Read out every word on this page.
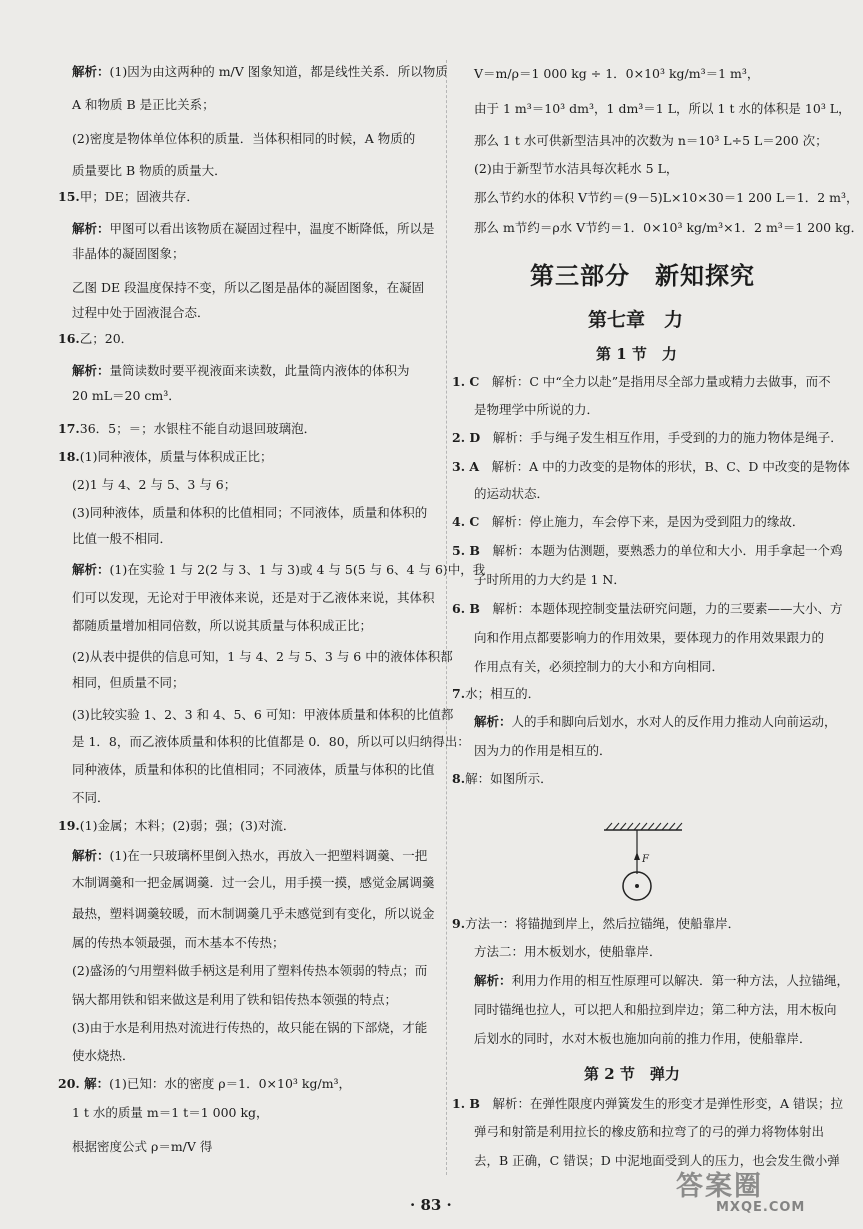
解析：(1)因为由这两种的 m/V 图象知道，都是线性关系．所以物质
A 和物质 B 是正比关系；
(2)密度是物体单位体积的质量．当体积相同的时候，A 物质的
质量要比 B 物质的质量大．
15.甲；DE；固液共存．
解析：甲图可以看出该物质在凝固过程中，温度不断降低，所以是
非晶体的凝固图象；
乙图 DE 段温度保持不变，所以乙图是晶体的凝固图象，在凝固
过程中处于固液混合态．
16.乙；20．
解析：量筒读数时要平视液面来读数，此量筒内液体的体积为
20 mL＝20 cm³．
17.36．5；＝；水银柱不能自动退回玻璃泡．
18.(1)同种液体，质量与体积成正比；
(2)1 与 4、2 与 5、3 与 6；
(3)同种液体，质量和体积的比值相同；不同液体，质量和体积的
比值一般不相同．
解析：(1)在实验 1 与 2(2 与 3、1 与 3)或 4 与 5(5 与 6、4 与 6)中，我
们可以发现，无论对于甲液体来说，还是对于乙液体来说，其体积
都随质量增加相同倍数，所以说其质量与体积成正比；
(2)从表中提供的信息可知，1 与 4、2 与 5、3 与 6 中的液体体积都
相同，但质量不同；
(3)比较实验 1、2、3 和 4、5、6 可知：甲液体质量和体积的比值都
是 1．8，而乙液体质量和体积的比值都是 0．80，所以可以归纳得出：
同种液体，质量和体积的比值相同；不同液体，质量与体积的比值
不同．
19.(1)金属；木料；(2)弱；强；(3)对流．
解析：(1)在一只玻璃杯里倒入热水，再放入一把塑料调羹、一把
木制调羹和一把金属调羹．过一会儿，用手摸一摸，感觉金属调羹
最热，塑料调羹较暖，而木制调羹几乎未感觉到有变化，所以说金
属的传热本领最强，而木基本不传热；
(2)盛汤的勺用塑料做手柄这是利用了塑料传热本领弱的特点；而
锅大都用铁和铝来做这是利用了铁和铝传热本领强的特点；
(3)由于水是利用热对流进行传热的，故只能在锅的下部烧，才能
使水烧热．
20. 解：(1)已知：水的密度 ρ＝1．0×10³ kg/m³，
1 t 水的质量 m＝1 t＝1 000 kg，
根据密度公式 ρ＝m/V 得
V＝m/ρ＝1 000 kg ÷ 1．0×10³ kg/m³＝1 m³，
由于 1 m³＝10³ dm³，1 dm³＝1 L，所以 1 t 水的体积是 10³ L，
那么 1 t 水可供新型洁具冲的次数为 n＝10³ L÷5 L＝200 次；
(2)由于新型节水洁具每次耗水 5 L，
那么节约水的体积 V节约＝(9－5)L×10×30＝1 200 L＝1．2 m³，
那么 m节约＝ρ水 V节约＝1．0×10³ kg/m³×1．2 m³＝1 200 kg．
第三部分　新知探究
第七章　力
第 1 节　力
1. C　解析：C 中“全力以赴”是指用尽全部力量或精力去做事，而不
是物理学中所说的力．
2. D　解析：手与绳子发生相互作用，手受到的力的施力物体是绳子．
3. A　解析：A 中的力改变的是物体的形状，B、C、D 中改变的是物体
的运动状态．
4. C　解析：停止施力，车会停下来，是因为受到阻力的缘故．
5. B　解析：本题为估测题，要熟悉力的单位和大小．用手拿起一个鸡
子时所用的力大约是 1 N．
6. B　解析：本题体现控制变量法研究问题，力的三要素——大小、方
向和作用点都要影响力的作用效果，要体现力的作用效果跟力的
作用点有关，必须控制力的大小和方向相同．
7.水；相互的．
解析：人的手和脚向后划水，水对人的反作用力推动人向前运动，
因为力的作用是相互的．
8.解：如图所示．
9.方法一：将锚抛到岸上，然后拉锚绳，使船靠岸．
方法二：用木板划水，使船靠岸．
解析：利用力作用的相互性原理可以解决．第一种方法，人拉锚绳，
同时锚绳也拉人，可以把人和船拉到岸边；第二种方法，用木板向
后划水的同时，水对木板也施加向前的推力作用，使船靠岸．
第 2 节　弹力
1. B　解析：在弹性限度内弹簧发生的形变才是弹性形变，A 错误；拉
弹弓和射箭是利用拉长的橡皮筋和拉弯了的弓的弹力将物体射出
去，B 正确，C 错误；D 中泥地面受到人的压力，也会发生微小弹
F
· 83 ·
答案圈
MXQE.COM
